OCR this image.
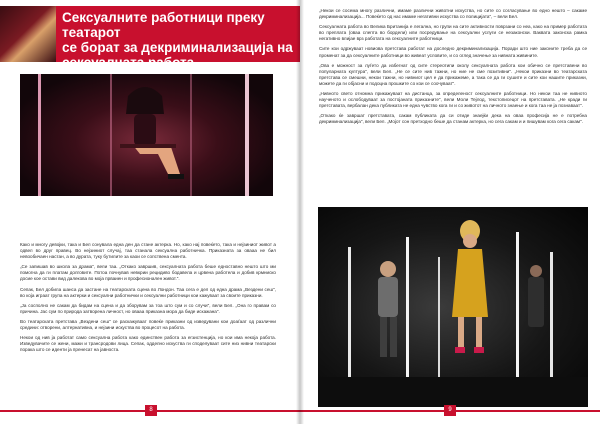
Сексуалните работници преку театарот
се борат за декриминализација на
сексуалната работа

Како и многу девојки, така и Бел сонувала една ден да стане актерка. Но, како нај повеќето, така и нејзиниот живот а одвел во друг правец. Во нејзиниот случај, таа станала сексуална работничка. Приказната за овааа не бил невообичаен настан, а во дурата, туку бутилите за каои се сопствена смента.

„Се запишав во школа за драма", вели таа. „Откако завршив, сексуалната работа беше едноставно нешто што ми помогна да ги платам долговите. Потоа почнував невкрии рецидиво бодавела и црвена работела и добив крмниско досие кое остави вид далекова во моја прваиен и професионален живот.".

Сепак, Бел добила шанса да застане на театарската сцена во Лондон. Таа сега е дел од една драма „Вездени сеш", во која играат група на актерки и сексуални работнички и сексуални работници кои кажуваат за своите приказни.

„Ја сосполно не сакам да бидам на сцена и да зборувам за тоа што сум и со случи", вели Бел. „Она го правам со причина. Јас сум по природа затворена личност, но овааа приказна мора да биде искажана".

Во театарската претстава „Вездени сеш" се раскажуваат повеќе приказни од изведувани кои доаѓаат од различни средини: отворени, алтернативна, и нејзини искуства во процесот на работа.

Некои од нив ја работат само сексуална работа како единствен работа за егзистенција, но кои има некоја работа. Изведувачите се жени, мажи и трансродови лица. Сепак, одделно искуства ги споделуваат сите низ нивни театарски порака што се иденти ја пренесат на јавноста.

8

„Некои се сосема многу различни, имаме различни животни искуства, но сите со согласување во едно нешто – сакаме декриминализација... Повеќето од нас имаме негативни искуства со полицијата", – вели Бел.

Сексуалната работа во Велика Британија е легална, но групи на сите активности поврзани со неа, како на пример работата во преплата (оваа слепта во бордели) или посредување на сексуални услуги се незаконски. Ваквата законска рамка негативно влијае врз работата на сексуалните работници.

Сите кои одржуваат новиова претстава работат на доследно декриминализација. Поради што ние законите треба да се променат за да сексуалните работници во живеат условите, и со оглед значење за нивната живините.

„Ова е можност за луѓето да избегнат од сите стереотипи околу сексуалната работа кои обично се претставени во популарната култура", вели Бел. „Не се сите нив тажни, но ние не сме позитивни". „Некои приказни во театарската претстава се смешни, некои тажни, но нивниот цел е да прикажеме, а така се да ги сушите и сите кои нашите приказни, можете да ги објасни и подоцна прошките со кои се соочуваат".

„Нивното свето отномна прикажуваат на дистанца, за определеност сексуалните работници. Но некои таа не нивното наученото и ослободуваат за постојаната приказните", вели Моли Тејлод, текстописецот на претставата. „Не кради ги претставата, вербалан дека публиката не една чувство кога ги и со животот на личното знаење и кога таа не ја познаваат".

„Откако ќе завршат претставата, сакам публиката да си отиде знаејќи дека на оваа професија не е потребна декриминализација", вели Бел. „Мојот сон претходно беше да станам актерка, но сега сакам и и пишувам кога сега сакам".

9
